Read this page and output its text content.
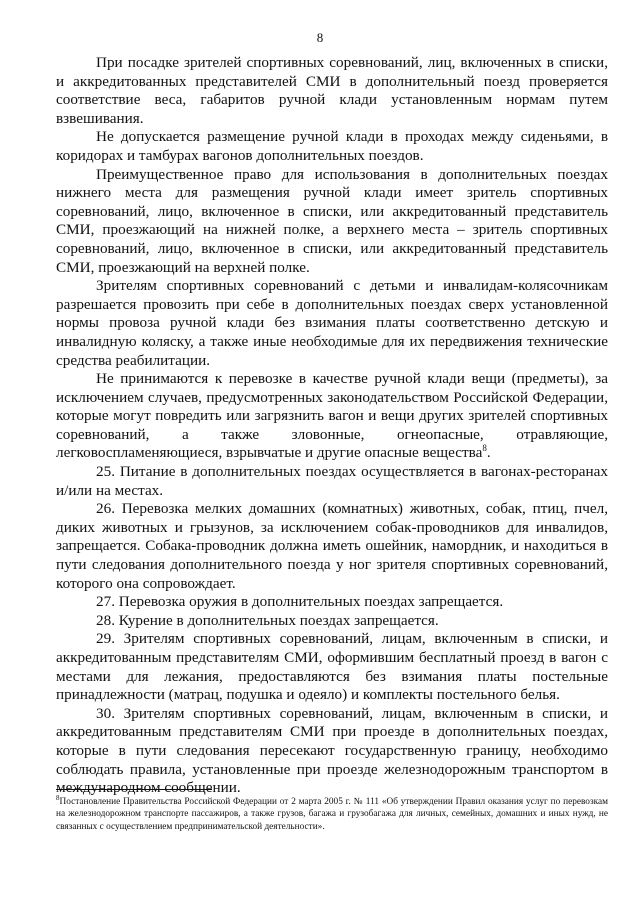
8

При посадке зрителей спортивных соревнований, лиц, включенных в списки, и аккредитованных представителей СМИ в дополнительный поезд проверяется соответствие веса, габаритов ручной клади установленным нормам путем взвешивания.

Не допускается размещение ручной клади в проходах между сиденьями, в коридорах и тамбурах вагонов дополнительных поездов.

Преимущественное право для использования в дополнительных поездах нижнего места для размещения ручной клади имеет зритель спортивных соревнований, лицо, включенное в списки, или аккредитованный представитель СМИ, проезжающий на нижней полке, а верхнего места – зритель спортивных соревнований, лицо, включенное в списки, или аккредитованный представитель СМИ, проезжающий на верхней полке.

Зрителям спортивных соревнований с детьми и инвалидам-колясочникам разрешается провозить при себе в дополнительных поездах сверх установленной нормы провоза ручной клади без взимания платы соответственно детскую и инвалидную коляску, а также иные необходимые для их передвижения технические средства реабилитации.

Не принимаются к перевозке в качестве ручной клади вещи (предметы), за исключением случаев, предусмотренных законодательством Российской Федерации, которые могут повредить или загрязнить вагон и вещи других зрителей спортивных соревнований, а также зловонные, огнеопасные, отравляющие, легковоспламеняющиеся, взрывчатые и другие опасные вещества$^8$.

25. Питание в дополнительных поездах осуществляется в вагонах-ресторанах и/или на местах.

26. Перевозка мелких домашних (комнатных) животных, собак, птиц, пчел, диких животных и грызунов, за исключением собак-проводников для инвалидов, запрещается. Собака-проводник должна иметь ошейник, намордник, и находиться в пути следования дополнительного поезда у ног зрителя спортивных соревнований, которого она сопровождает.

27. Перевозка оружия в дополнительных поездах запрещается.

28. Курение в дополнительных поездах запрещается.

29. Зрителям спортивных соревнований, лицам, включенным в списки, и аккредитованным представителям СМИ, оформившим бесплатный проезд в вагон с местами для лежания, предоставляются без взимания платы постельные принадлежности (матрац, подушка и одеяло) и комплекты постельного белья.

30. Зрителям спортивных соревнований, лицам, включенным в списки, и аккредитованным представителям СМИ при проезде в дополнительных поездах, которые в пути следования пересекают государственную границу, необходимо соблюдать правила, установленные при проезде железнодорожным транспортом в международном сообщении.

$^8$Постановление Правительства Российской Федерации от 2 марта 2005 г. № 111 «Об утверждении Правил оказания услуг по перевозкам на железнодорожном транспорте пассажиров, а также грузов, багажа и грузобагажа для личных, семейных, домашних и иных нужд, не связанных с осуществлением предпринимательской деятельности».
